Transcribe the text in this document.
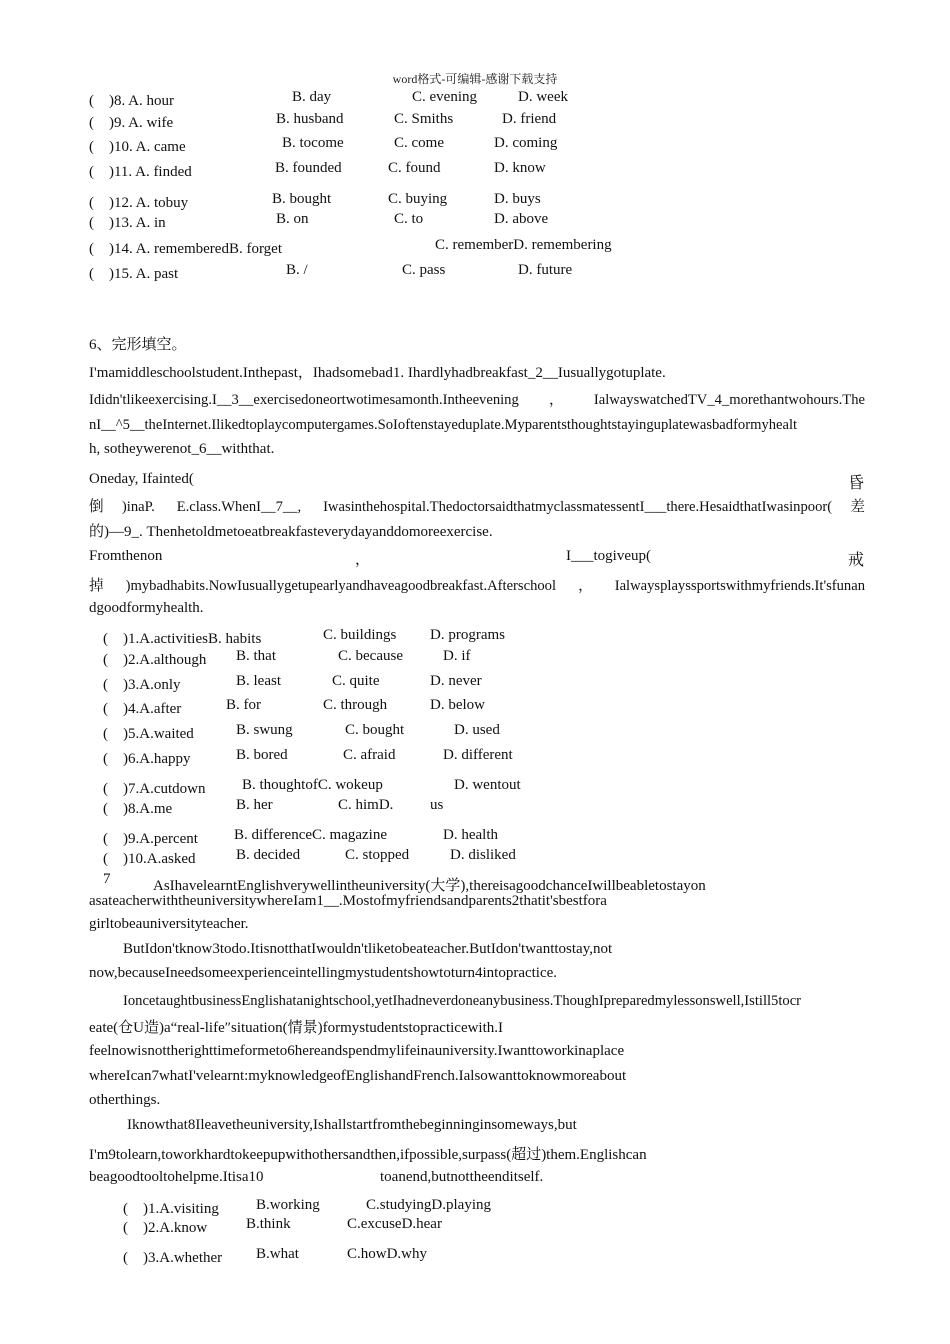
word格式-可编辑-感谢下载支持
(　)8. A. hour	B. day	C. evening	D. week
(　)9. A. wife	B. husband	C. Smiths	D. friend
(　)10. A. came	B. tocome	C. come	D. coming
(　)11. A. finded	B. founded	C. found	D. know
(　)12. A. tobuy	B. bought	C. buying	D. buys
(　)13. A. in	B. on	C. to	D. above
(　)14. A. rememberedB. forget	C. rememberD. remembering
(　)15. A. past	B. /	C. pass	D. future
6、完形填空。
I'mamiddleschoolstudent.Inthepast，Ihadsomebad1. Ihardlyhadbreakfast_2__Iusuallygotuplate.
Ididn'tlikeexercising.I__3__exercisedoneortwotimesamonth.Intheevening，IalwayswatchedTV_4_morethantwohours.The
nI__^5__theInternet.Ilikedtoplaycomputergames.SoIoftenstayeduplate.Myparentsthoughtstayinguplatewasbadformyhealt
h, sotheywerenot_6__withthat.
Oneday, Ifainted(	昏
倒)inaP. E.class.WhenI__7__, Iwasinthehospital.ThedoctorsaidthatmyclassmatessentI___there.HesaidthatIwasinpoor(差
的)—9_. Thenhetoldmetoeatbreakfasteverydayanddomoreexercise.
Fromthenon	，	I___togiveup(	戒
掉)mybadhabits.NowIusuallygetupearlyandhaveagoodbreakfast.Afterschool，Ialwaysplayssportswithmyfriends.It'sfunan
dgoodformyhealth.
(　)1.A.activitiesB. habits	C. buildings D. programs
(　)2.A.although B. that	C. because	D. if
(　)3.A.only	B. least	C. quite	D. never
(　)4.A.after	B. for	C. through	D. below
(　)5.A.waited	B. swung	C. bought	D. used
(　)6.A.happy	B. bored	C. afraid	D. different
(　)7.A.cutdown B. thoughtofC. wokeup	D. wentout
(　)8.A.me	B. her	C. himD. us
(　)9.A.percent B. differenceC. magazine	D. health
(　)10.A.asked	B. decided	C. stopped	D. disliked
7	AsIhavelearntEnglishverywellintheuniversity(大学),thereisagoodchanceIwillbeabletostayon
asateacherwiththeuniversitywhereIam1__.Mostofmyfriendsandparents2thatit'sbestfora
girltobeauniversityteacher.
ButIdon'tknow3todo.ItisnotthatIwouldn'tliketobeateacher.ButIdon'twanttostay,not
now,becauseIneedsomeexperienceintellingmystudentshowtoturn4intopractice.
IoncetaughtbusinessEnglishatanightschool,yetIhadneverdoneanybusiness.ThoughIpreparedmylessonswell,Istill5tocr
eate(仓U造)a“real-life″situation(情景)formystudentstopracticewith.I
feelnowisnottherighttimeformeto6hereandspendmylifeinauniversity.Iwanttoworkinaplace
whereIcan7whatI'velearnt:myknowledgeofEnglishandFrench.Ialsowanttoknowmoreabout
otherthings.
Iknowthat8Ileavetheuniversity,Ishallstartfromthebeginninginsomeways,but
I'm9tolearn,toworkhardtokeepupwithothersandthen,ifpossible,surpass(超过)them.Englishcan
beagoodtooltohelpme.Itisa10	toanend,butnottheenditself.
(　)1.A.visiting B.working	C.studyingD.playing
(　)2.A.know	B.think	C.excuseD.hear
(　)3.A.whether B.what	C.howD.why
